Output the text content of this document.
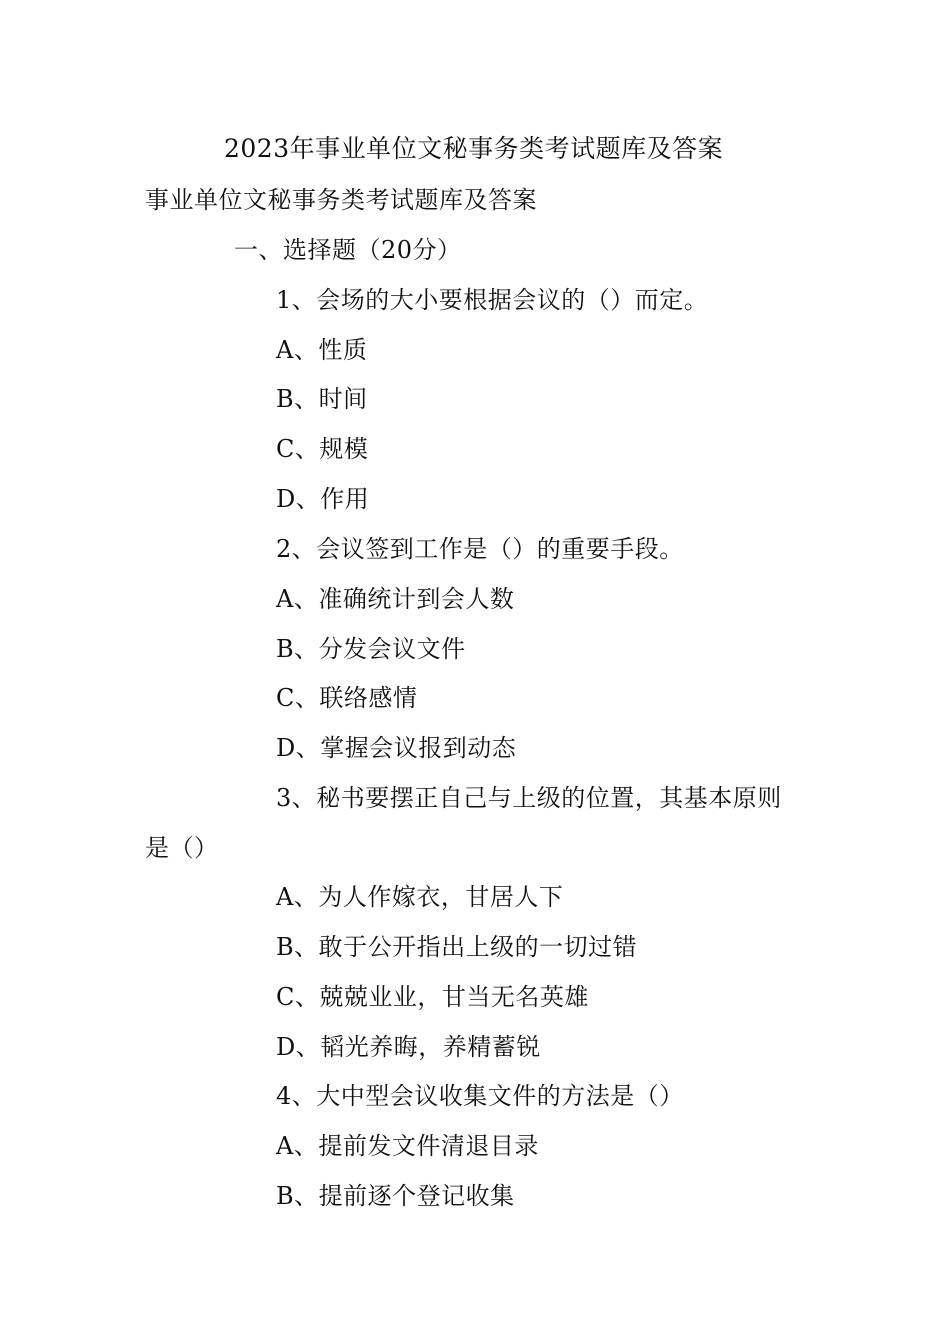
2023年事业单位文秘事务类考试题库及答案
事业单位文秘事务类考试题库及答案
一、选择题（20分）
1、会场的大小要根据会议的（）而定。
A、性质
B、时间
C、规模
D、作用
2、会议签到工作是（）的重要手段。
A、准确统计到会人数
B、分发会议文件
C、联络感情
D、掌握会议报到动态
3、秘书要摆正自己与上级的位置，其基本原则
是（）
A、为人作嫁衣，甘居人下
B、敢于公开指出上级的一切过错
C、兢兢业业，甘当无名英雄
D、韬光养晦，养精蓄锐
4、大中型会议收集文件的方法是（）
A、提前发文件清退目录
B、提前逐个登记收集
